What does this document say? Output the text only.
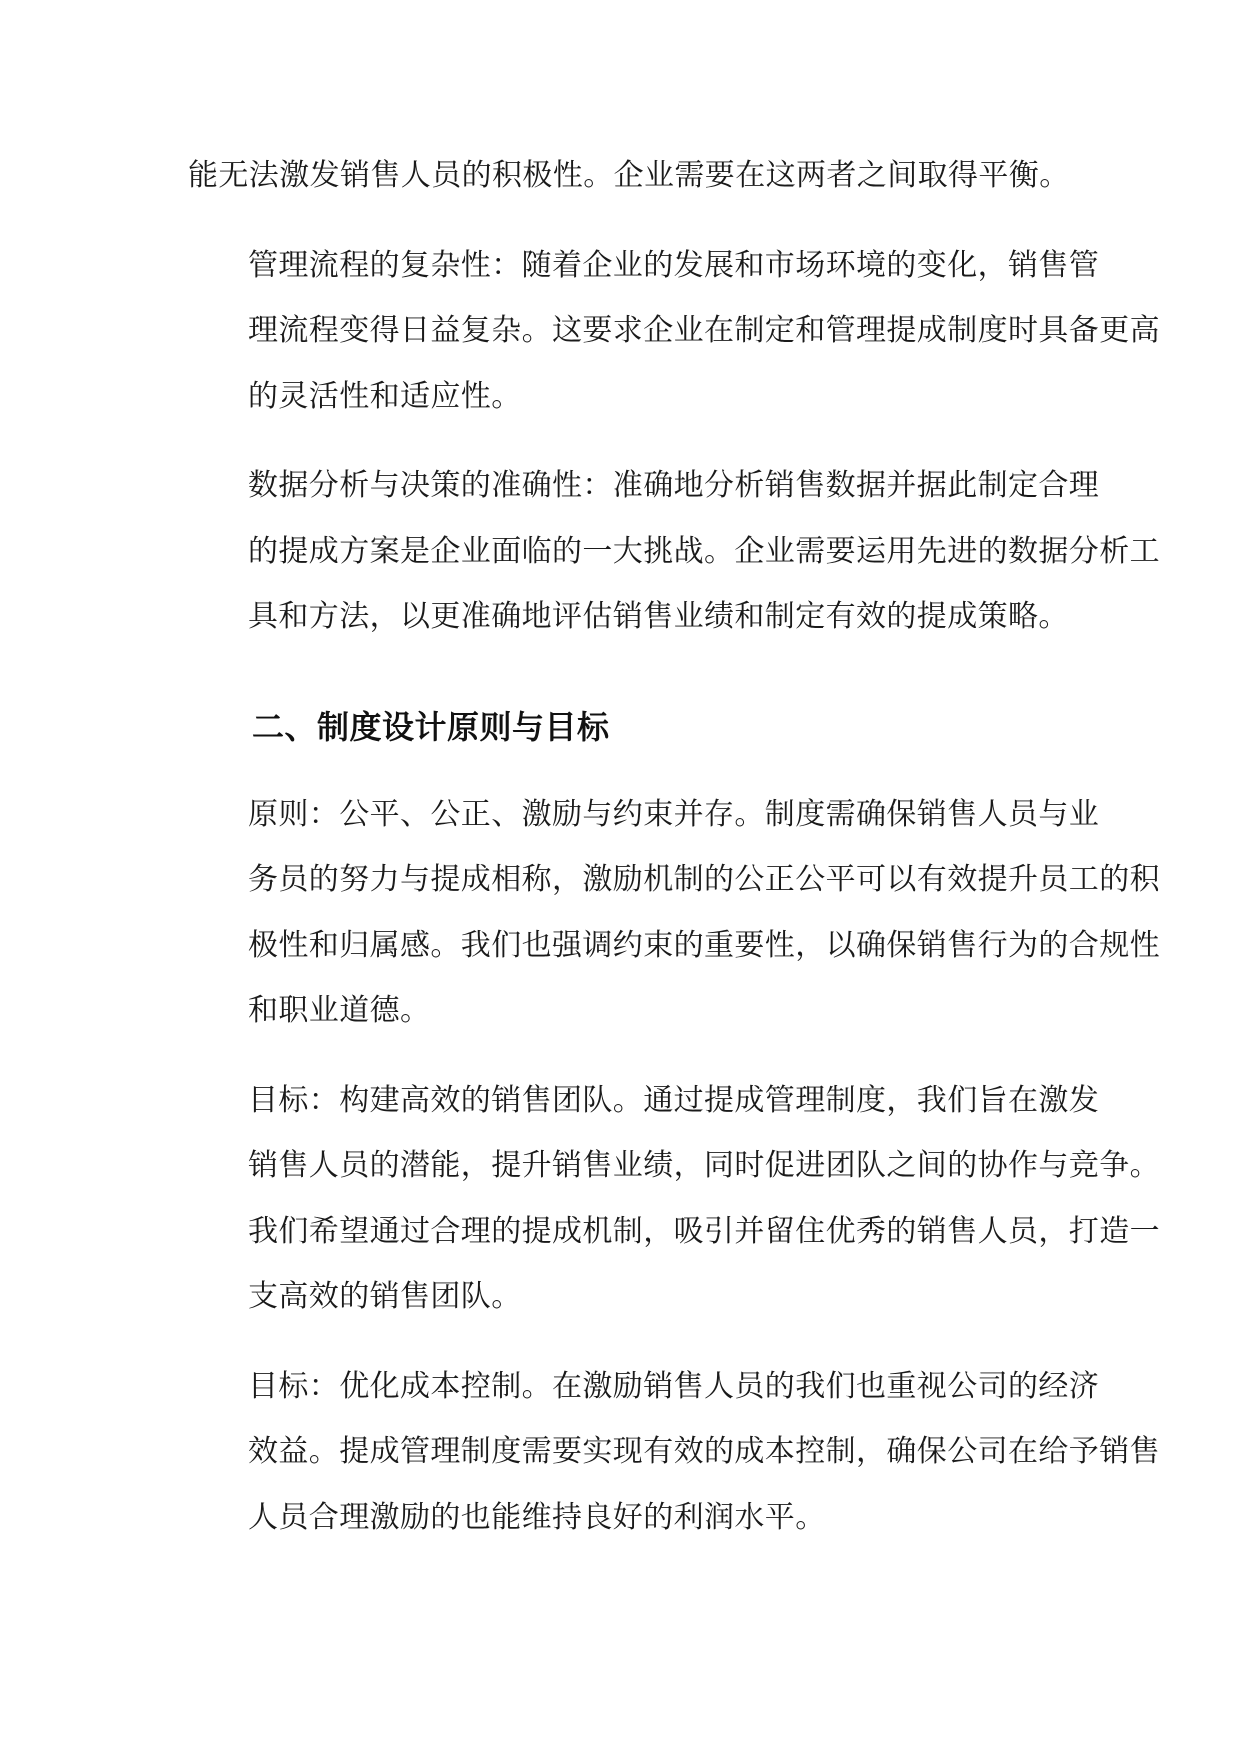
能无法激发销售人员的积极性。企业需要在这两者之间取得平衡。
管理流程的复杂性：随着企业的发展和市场环境的变化，销售管
理流程变得日益复杂。这要求企业在制定和管理提成制度时具备更高
的灵活性和适应性。
数据分析与决策的准确性：准确地分析销售数据并据此制定合理
的提成方案是企业面临的一大挑战。企业需要运用先进的数据分析工
具和方法，以更准确地评估销售业绩和制定有效的提成策略。
二、制度设计原则与目标
原则：公平、公正、激励与约束并存。制度需确保销售人员与业
务员的努力与提成相称，激励机制的公正公平可以有效提升员工的积
极性和归属感。我们也强调约束的重要性，以确保销售行为的合规性
和职业道德。
目标：构建高效的销售团队。通过提成管理制度，我们旨在激发
销售人员的潜能，提升销售业绩，同时促进团队之间的协作与竞争。
我们希望通过合理的提成机制，吸引并留住优秀的销售人员，打造一
支高效的销售团队。
目标：优化成本控制。在激励销售人员的我们也重视公司的经济
效益。提成管理制度需要实现有效的成本控制，确保公司在给予销售
人员合理激励的也能维持良好的利润水平。
